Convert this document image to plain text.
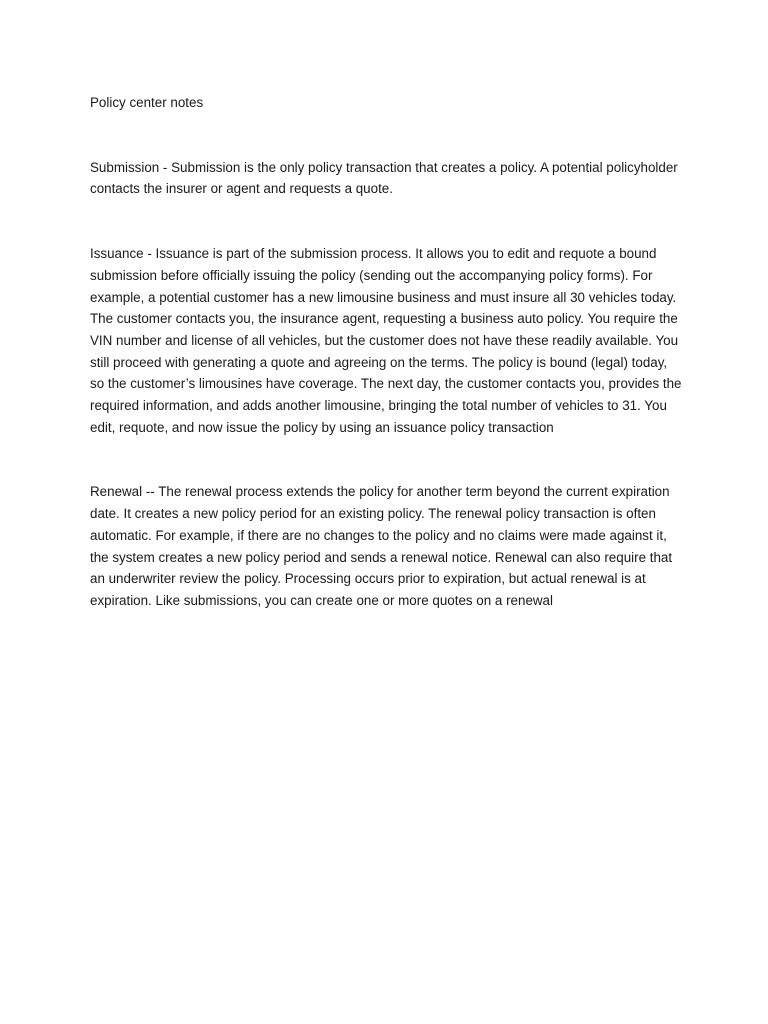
Policy center notes

Submission - Submission is the only policy transaction that creates a policy. A potential policyholder contacts the insurer or agent and requests a quote.

Issuance - Issuance is part of the submission process. It allows you to edit and requote a bound submission before officially issuing the policy (sending out the accompanying policy forms). For example, a potential customer has a new limousine business and must insure all 30 vehicles today. The customer contacts you, the insurance agent, requesting a business auto policy. You require the VIN number and license of all vehicles, but the customer does not have these readily available. You still proceed with generating a quote and agreeing on the terms. The policy is bound (legal) today, so the customer’s limousines have coverage. The next day, the customer contacts you, provides the required information, and adds another limousine, bringing the total number of vehicles to 31. You edit, requote, and now issue the policy by using an issuance policy transaction

Renewal -- The renewal process extends the policy for another term beyond the current expiration date. It creates a new policy period for an existing policy. The renewal policy transaction is often automatic. For example, if there are no changes to the policy and no claims were made against it, the system creates a new policy period and sends a renewal notice. Renewal can also require that an underwriter review the policy. Processing occurs prior to expiration, but actual renewal is at expiration. Like submissions, you can create one or more quotes on a renewal
